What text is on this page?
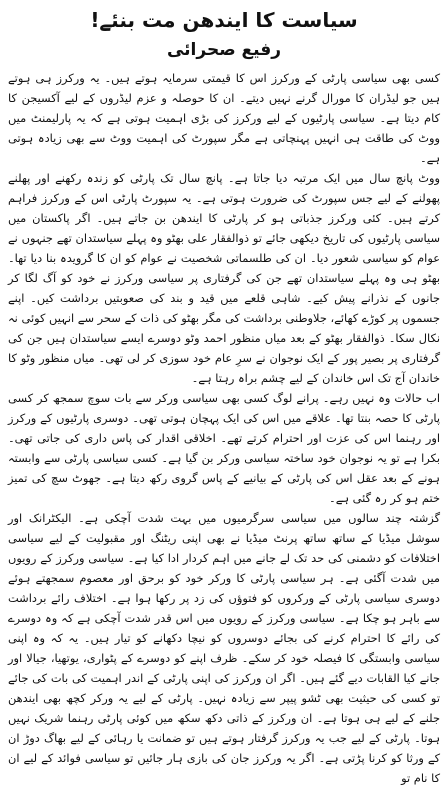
سیاست کا ایندھن مت بنئے!
رفیع صحرائی

کسی بھی سیاسی پارٹی کے ورکرز اس کا قیمتی سرمایہ ہوتے ہیں۔ یہ ورکرز ہی ہوتے ہیں جو لیڈران کا مورال گرنے نہیں دیتے۔ ان کا حوصلہ و عزم لیڈروں کے لیے آکسیجن کا کام دیتا ہے۔ سیاسی پارٹیوں کے لیے ورکرز کی بڑی اہمیت ہوتی ہے کہ یہ پارلیمنٹ میں ووٹ کی طاقت ہی انہیں پہنچاتی ہے مگر سپورٹ کی اہمیت ووٹ سے بھی زیادہ ہوتی ہے۔

ووٹ پانچ سال میں ایک مرتبہ دیا جاتا ہے۔ پانچ سال تک پارٹی کو زندہ رکھنے اور پھلنے پھولنے کے لیے جس سپورٹ کی ضرورت ہوتی ہے۔ یہ سپورٹ پارٹی اس کے ورکرز فراہم کرتے ہیں۔ کئی ورکرز جذباتی ہو کر پارٹی کا ایندھن بن جاتے ہیں۔ اگر پاکستان میں سیاسی پارٹیوں کی تاریخ دیکھی جائے تو ذوالفقار علی بھٹو وہ پہلے سیاستدان تھے جنہوں نے عوام کو سیاسی شعور دیا۔ ان کی طلسماتی شخصیت نے عوام کو ان کا گرویدہ بنا دیا تھا۔ بھٹو ہی وہ پہلے سیاستدان تھے جن کی گرفتاری پر سیاسی ورکرز نے خود کو آگ لگا کر جانوں کے نذرانے پیش کیے۔ شاہی قلعے میں قید و بند کی صعوبتیں برداشت کیں۔ اپنے جسموں پر کوڑے کھائے، جلاوطنی برداشت کی مگر بھٹو کی ذات کے سحر سے انہیں کوئی نہ نکال سکا۔ ذوالفقار بھٹو کے بعد میاں منظور احمد وٹو دوسرے ایسے سیاستدان ہیں جن کی گرفتاری پر بصیر پور کے ایک نوجوان نے سرِ عام خود سوزی کر لی تھی۔ میاں منظور وٹو کا خاندان آج تک اس خاندان کے لیے چشم براہ رہتا ہے۔

اب حالات وہ نہیں رہے۔ پرانے لوگ کسی بھی سیاسی ورکر سے بات سوچ سمجھ کر کسی پارٹی کا حصہ بنتا تھا۔ علاقے میں اس کی ایک پہچان ہوتی تھی۔ دوسری پارٹیوں کے ورکرز اور رہنما اس کی عزت اور احترام کرتے تھے۔ اخلاقی اقدار کی پاس داری کی جاتی تھی۔ بکرا ہے تو یہ نوجوان خود ساختہ سیاسی ورکر بن گیا ہے۔ کسی سیاسی پارٹی سے وابستہ ہونے کے بعد عقل اس کی پارٹی کے بیانیے کے پاس گروی رکھ دیتا ہے۔ جھوٹ سچ کی تمیز ختم ہو کر رہ گئی ہے۔

گزشتہ چند سالوں میں سیاسی سرگرمیوں میں بہت شدت آچکی ہے۔ الیکٹرانک اور سوشل میڈیا کے ساتھ ساتھ پرنٹ میڈیا نے بھی اپنی ریٹنگ اور مقبولیت کے لیے سیاسی اختلافات کو دشمنی کی حد تک لے جانے میں اہم کردار ادا کیا ہے۔ سیاسی ورکرز کے رویوں میں شدت آگئی ہے۔ ہر سیاسی پارٹی کا ورکر خود کو برحق اور معصوم سمجھتے ہوئے دوسری سیاسی پارٹی کے ورکروں کو فتوؤں کی زد پر رکھا ہوا ہے۔ اختلاف رائے برداشت سے باہر ہو چکا ہے۔ سیاسی ورکرز کے رویوں میں اس قدر شدت آچکی ہے کہ وہ دوسرے کی رائے کا احترام کرنے کی بجائے دوسروں کو نیچا دکھانے کو تیار ہیں۔ یہ کہ وہ اپنی سیاسی وابستگی کا فیصلہ خود کر سکے۔ ظرف اپنے کو دوسرے کے پٹواری، یوتھیا، جیالا اور جانے کیا القابات دیے گئے ہیں۔ اگر ان ورکرز کی اپنی پارٹی کے اندر اہمیت کی بات کی جائے تو کسی کی حیثیت بھی ٹشو پیپر سے زیادہ نہیں۔ پارٹی کے لیے یہ ورکر کچھ بھی ایندھن جلنے کے لیے ہی ہوتا ہے۔ ان ورکرز کے ذاتی دکھ سکھ میں کوئی پارٹی رہنما شریک نہیں ہوتا۔ پارٹی کے لیے جب یہ ورکرز گرفتار ہوتے ہیں تو ضمانت یا رہائی کے لیے بھاگ دوڑ ان کے ورثا کو کرنا پڑتی ہے۔ اگر یہ ورکرز جان کی بازی ہار جائیں تو سیاسی فوائد کے لیے ان کا نام تو
